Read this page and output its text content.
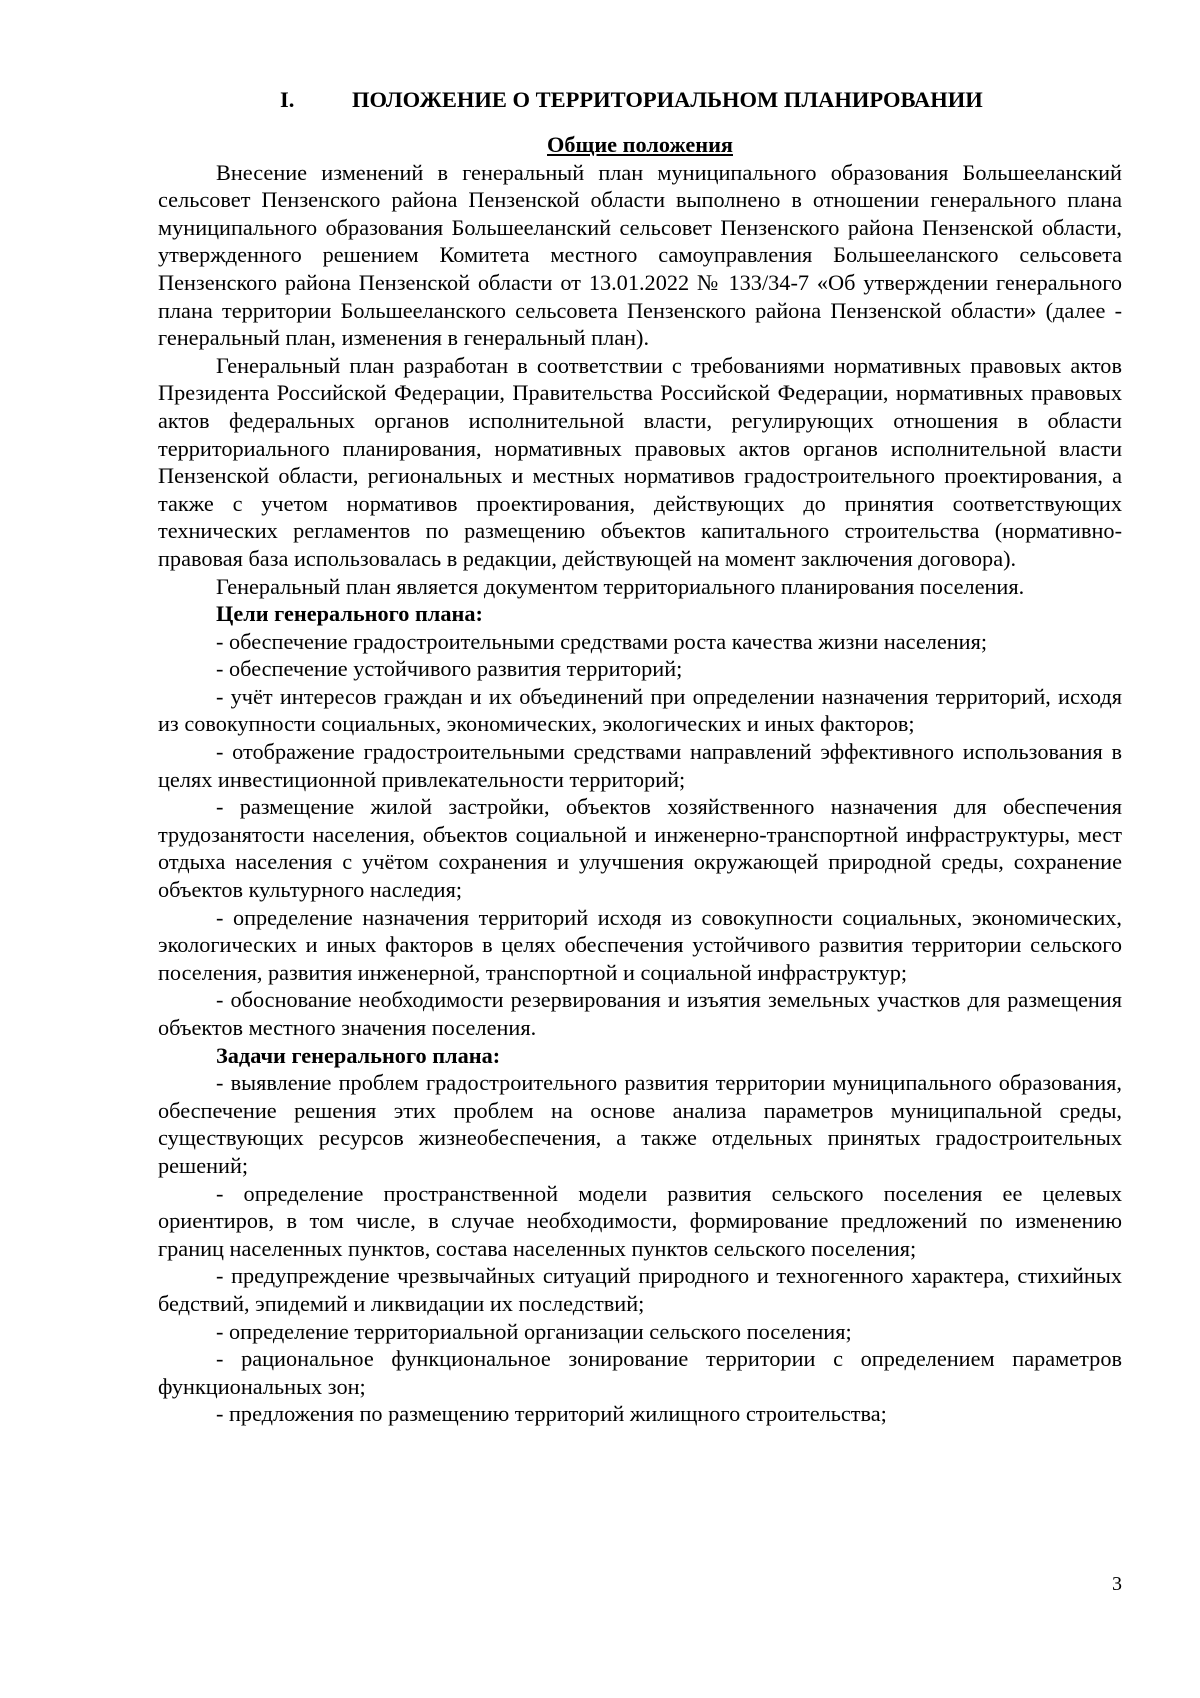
I.	ПОЛОЖЕНИЕ О ТЕРРИТОРИАЛЬНОМ ПЛАНИРОВАНИИ
Общие положения

Внесение изменений в генеральный план муниципального образования Большееланский сельсовет Пензенского района Пензенской области выполнено в отношении генерального плана муниципального образования Большееланский сельсовет Пензенского района Пензенской области, утвержденного решением Комитета местного самоуправления Большееланского сельсовета Пензенского района Пензенской области от 13.01.2022 № 133/34-7 «Об утверждении генерального плана территории Большееланского сельсовета Пензенского района Пензенской области» (далее - генеральный план, изменения в генеральный план).

Генеральный план разработан в соответствии с требованиями нормативных правовых актов Президента Российской Федерации, Правительства Российской Федерации, нормативных правовых актов федеральных органов исполнительной власти, регулирующих отношения в области территориального планирования, нормативных правовых актов органов исполнительной власти Пензенской области, региональных и местных нормативов градостроительного проектирования, а также с учетом нормативов проектирования, действующих до принятия соответствующих технических регламентов по размещению объектов капитального строительства (нормативно-правовая база использовалась в редакции, действующей на момент заключения договора).

Генеральный план является документом территориального планирования поселения.

Цели генерального плана:

- обеспечение градостроительными средствами роста качества жизни населения;

- обеспечение устойчивого развития территорий;

- учёт интересов граждан и их объединений при определении назначения территорий, исходя из совокупности социальных, экономических, экологических и иных факторов;

- отображение градостроительными средствами направлений эффективного использования в целях инвестиционной привлекательности территорий;

- размещение жилой застройки, объектов хозяйственного назначения для обеспечения трудозанятости населения, объектов социальной и инженерно-транспортной инфраструктуры, мест отдыха населения с учётом сохранения и улучшения окружающей природной среды, сохранение объектов культурного наследия;

- определение назначения территорий исходя из совокупности социальных, экономических, экологических и иных факторов в целях обеспечения устойчивого развития территории сельского поселения, развития инженерной, транспортной и социальной инфраструктур;

- обоснование необходимости резервирования и изъятия земельных участков для размещения объектов местного значения поселения.

Задачи генерального плана:

- выявление проблем градостроительного развития территории муниципального образования, обеспечение решения этих проблем на основе анализа параметров муниципальной среды, существующих ресурсов жизнеобеспечения, а также отдельных принятых градостроительных решений;

- определение пространственной модели развития сельского поселения ее целевых ориентиров, в том числе, в случае необходимости, формирование предложений по изменению границ населенных пунктов, состава населенных пунктов сельского поселения;

- предупреждение чрезвычайных ситуаций природного и техногенного характера, стихийных бедствий, эпидемий и ликвидации их последствий;

- определение территориальной организации сельского поселения;

- рациональное функциональное зонирование территории с определением параметров функциональных зон;

- предложения по размещению территорий жилищного строительства;

3
